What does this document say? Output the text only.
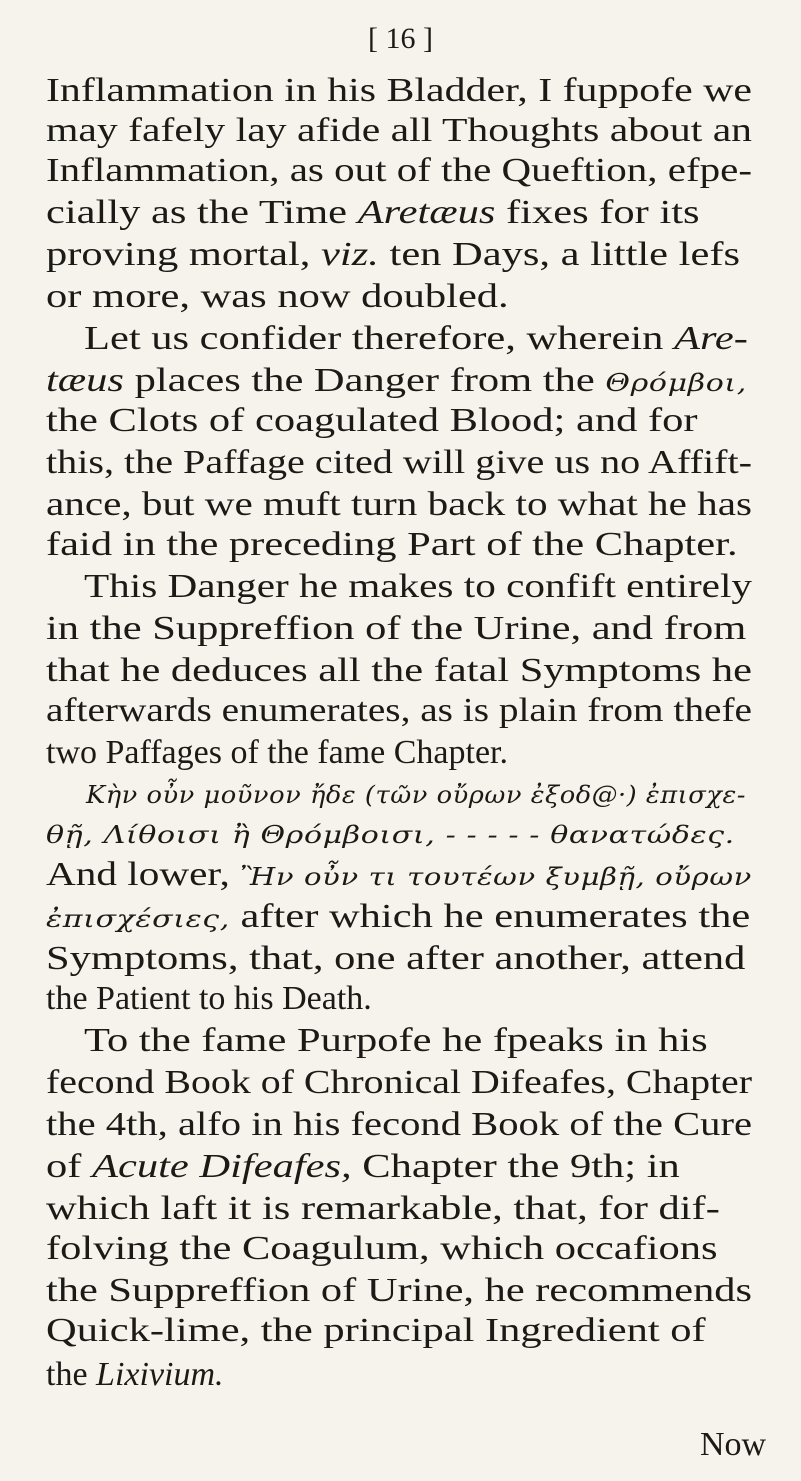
[ 16 ]
Inflammation in his Bladder, I fuppofe we
may fafely lay afide all Thoughts about an
Inflammation, as out of the Queftion, efpe-
cially as the Time Aretæus fixes for its
proving mortal, viz. ten Days, a little lefs
or more, was now doubled.
Let us confider therefore, wherein Are-
tæus places the Danger from the Θρόμβοι,
the Clots of coagulated Blood; and for
this, the Paffage cited will give us no Affift-
ance, but we muft turn back to what he has
faid in the preceding Part of the Chapter.
This Danger he makes to confift entirely
in the Suppreffion of the Urine, and from
that he deduces all the fatal Symptoms he
afterwards enumerates, as is plain from thefe
two Paffages of the fame Chapter.
Κὴν οὖν μοῦνον ἤδε (τῶν οὔρων ἐξοδ@·) ἐπισχε-
θῇ, Λίθοισι ἢ Θρόμβοισι, - - - - - θανατώδες.
And lower, Ἢν οὖν τι τουτέων ξυμβῇ, οὔρων
ἐπισχέσιες, after which he enumerates the
Symptoms, that, one after another, attend
the Patient to his Death.
To the fame Purpofe he fpeaks in his
fecond Book of Chronical Difeafes, Chapter
the 4th, alfo in his fecond Book of the Cure
of Acute Difeafes, Chapter the 9th; in
which laft it is remarkable, that, for dif-
folving the Coagulum, which occafions
the Suppreffion of Urine, he recommends
Quick-lime, the principal Ingredient of
the Lixivium.
Now
